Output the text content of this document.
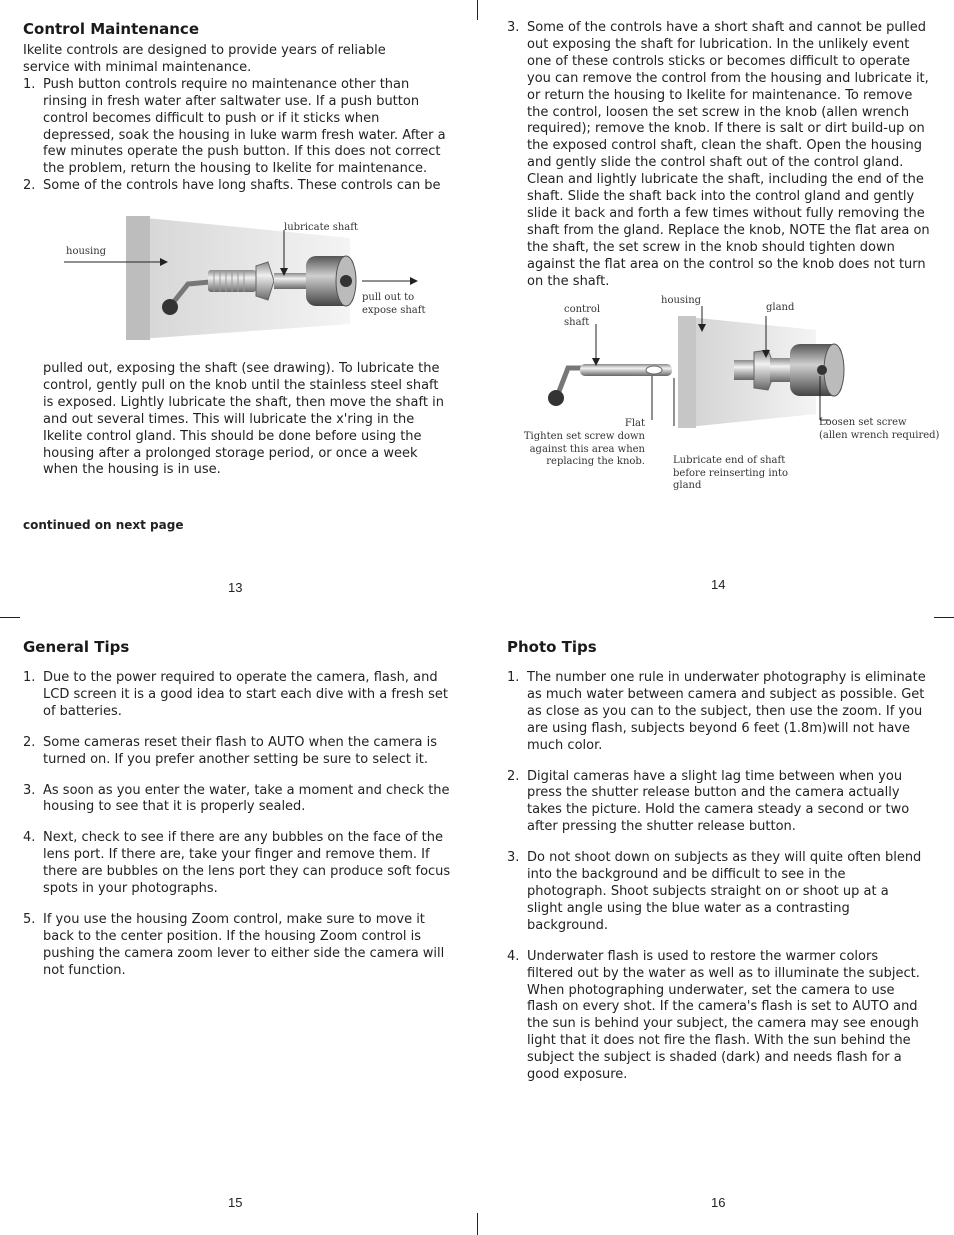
Control Maintenance

Ikelite controls are designed to provide years of reliable service with minimal maintenance.

1. Push button controls require no maintenance other than rinsing in fresh water after saltwater use. If a push button control becomes difficult to push or if it sticks when depressed, soak the housing in luke warm fresh water. After a few minutes operate the push button. If this does not correct the problem, return the housing to Ikelite for maintenance.
2. Some of the controls have long shafts. These controls can be
housing
lubricate shaft
pull out to expose shaft

pulled out, exposing the shaft (see drawing). To lubricate the control, gently pull on the knob until the stainless steel shaft is exposed. Lightly lubricate the shaft, then move the shaft in and out several times. This will lubricate the x'ring in the Ikelite control gland. This should be done before using the housing after a prolonged storage period, or once a week when the housing is in use.

continued on next page
13
3. Some of the controls have a short shaft and cannot be pulled out exposing the shaft for lubrication. In the unlikely event one of these controls sticks or becomes difficult to operate you can remove the control from the housing and lubricate it, or return the housing to Ikelite for maintenance. To remove the control, loosen the set screw in the knob (allen wrench required); remove the knob. If there is salt or dirt build-up on the exposed control shaft, clean the shaft. Open the housing and gently slide the control shaft out of the control gland. Clean and lightly lubricate the shaft, including the end of the shaft. Slide the shaft back into the control gland and gently slide it back and forth a few times without fully removing the shaft from the gland. Replace the knob, NOTE the flat area on the shaft, the set screw in the knob should tighten down against the flat area on the control so the knob does not turn on the shaft.
control shaft
housing
gland
Flat
Tighten set screw down against this area when replacing the knob.	Lubricate end of shaft before reinserting into gland
Loosen set screw
(allen wrench required)
14
General Tips
1. Due to the power required to operate the camera, flash, and LCD screen it is a good idea to start each dive with a fresh set of batteries.
2. Some cameras reset their flash to AUTO when the camera is turned on. If you prefer another setting be sure to select it.
3. As soon as you enter the water, take a moment and check the housing to see that it is properly sealed.
4. Next, check to see if there are any bubbles on the face of the lens port. If there are, take your finger and remove them. If there are bubbles on the lens port they can produce soft focus spots in your photographs.
5. If you use the housing Zoom control, make sure to move it back to the center position. If the housing Zoom control is pushing the camera zoom lever to either side the camera will not function.
15
Photo Tips
1. The number one rule in underwater photography is eliminate as much water between camera and subject as possible. Get as close as you can to the subject, then use the zoom. If you are using flash, subjects beyond 6 feet (1.8m)will not have much color.
2. Digital cameras have a slight lag time between when you press the shutter release button and the camera actually takes the picture. Hold the camera steady a second or two after pressing the shutter release button.
3. Do not shoot down on subjects as they will quite often blend into the background and be difficult to see in the photograph. Shoot subjects straight on or shoot up at a slight angle using the blue water as a contrasting background.
4. Underwater flash is used to restore the warmer colors filtered out by the water as well as to illuminate the subject. When photographing underwater, set the camera to use flash on every shot. If the camera's flash is set to AUTO and the sun is behind your subject, the camera may see enough light that it does not fire the flash. With the sun behind the subject the subject is shaded (dark) and needs flash for a good exposure.
16
